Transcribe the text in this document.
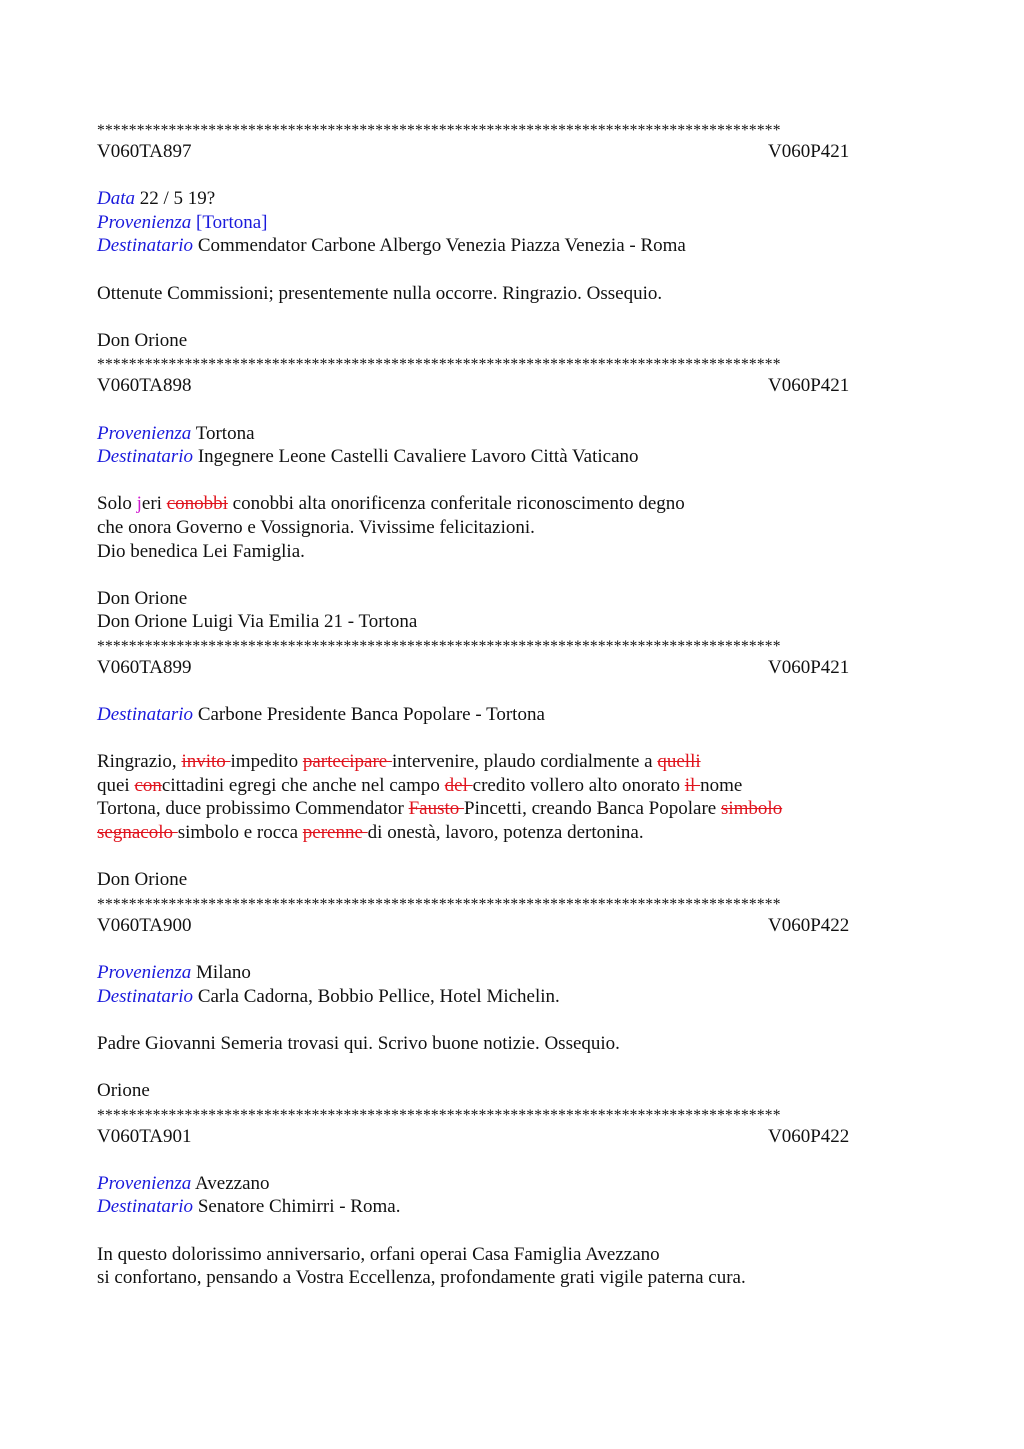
**************************************************************************************
V060TA897	V060P421
Data 22 / 5 19?
Provenienza [Tortona]
Destinatario Commendator Carbone Albergo Venezia Piazza Venezia - Roma
Ottenute Commissioni; presentemente nulla occorre. Ringrazio. Ossequio.
Don Orione
**************************************************************************************
V060TA898	V060P421
Provenienza Tortona
Destinatario Ingegnere Leone Castelli Cavaliere Lavoro Città Vaticano
Solo jeri conobbi conobbi alta onorificenza conferitale riconoscimento degno
che onora Governo e Vossignoria. Vivissime felicitazioni.
Dio benedica Lei Famiglia.
Don Orione
Don Orione Luigi Via Emilia 21 - Tortona
**************************************************************************************
V060TA899	V060P421
Destinatario Carbone Presidente Banca Popolare - Tortona
Ringrazio, invito impedito partecipare intervenire, plaudo cordialmente a quelli
quei concittadini egregi che anche nel campo del credito vollero alto onorato il nome
Tortona, duce probissimo Commendator Fausto Pincetti, creando Banca Popolare simbolo
segnacolo simbolo e rocca perenne di onestà, lavoro, potenza dertonina.
Don Orione
**************************************************************************************
V060TA900	V060P422
Provenienza Milano
Destinatario Carla Cadorna, Bobbio Pellice, Hotel Michelin.
Padre Giovanni Semeria trovasi qui. Scrivo buone notizie. Ossequio.
Orione
**************************************************************************************
V060TA901	V060P422
Provenienza Avezzano
Destinatario Senatore Chimirri - Roma.
In questo dolorissimo anniversario, orfani operai Casa Famiglia Avezzano
si confortano, pensando a Vostra Eccellenza, profondamente grati vigile paterna cura.
